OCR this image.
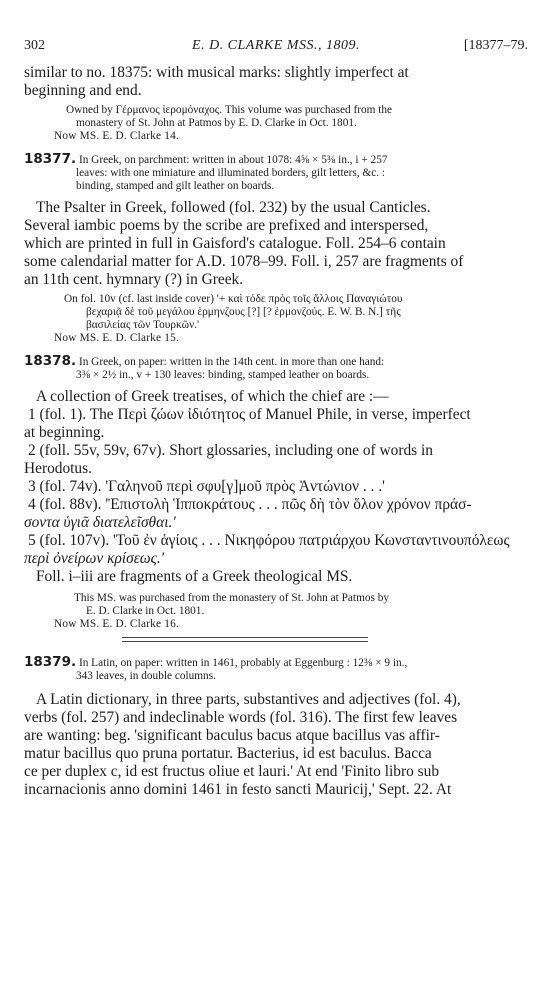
302	E. D. CLARKE MSS., 1809.	[18377–79.

similar to no. 18375: with musical marks: slightly imperfect at
beginning and end.

Owned by Γέρμανος ἱερομόναχος. This volume was purchased from the
monastery of St. John at Patmos by E. D. Clarke in Oct. 1801.
Now MS. E. D. Clarke 14.

18377. In Greek, on parchment: written in about 1078: 4⅝ × 5⅜ in., i + 257
leaves: with one miniature and illuminated borders, gilt letters, &c. :
binding, stamped and gilt leather on boards.

The Psalter in Greek, followed (fol. 232) by the usual Canticles.
Several iambic poems by the scribe are prefixed and interspersed,
which are printed in full in Gaisford's catalogue. Foll. 254–6 contain
some calendarial matter for A.D. 1078–99. Foll. i, 257 are fragments of
an 11th cent. hymnary (?) in Greek.

On fol. 10v (cf. last inside cover) '+ καὶ τόδε πρὸς τοῖς ἄλλοις Παναγιώτου
βεχαριᾷ δὲ τοῦ μεγάλου ἑρμηνζους [?] [? ἑρμονζούς. E. W. B. N.] τῆς
βασιλείας τῶν Τουρκῶν.'
Now MS. E. D. Clarke 15.

18378. In Greek, on paper: written in the 14th cent. in more than one hand:
3⅜ × 2½ in., v + 130 leaves: binding, stamped leather on boards.

A collection of Greek treatises, of which the chief are :—
1 (fol. 1). The Περὶ ζώων ἰδιότητος of Manuel Phile, in verse, imperfect
at beginning.
2 (foll. 55v, 59v, 67v). Short glossaries, including one of words in
Herodotus.
3 (fol. 74v). 'Γαληνοῦ περὶ σφυ[γ]μοῦ πρὸς Ἀντώνιον . . .'
4 (fol. 88v). 'Ἐπιστολὴ Ἱπποκράτους . . . πῶς δὴ τὸν ὅλον χρόνον πράσ-
σοντα ὑγιᾶ διατελεῖσθαι.'
5 (fol. 107v). 'Τοῦ ἐν ἁγίοις . . . Νικηφόρου πατριάρχου Κωνσταντινουπόλεως
περὶ ὀνείρων κρίσεως.'
Foll. i–iii are fragments of a Greek theological MS.

This MS. was purchased from the monastery of St. John at Patmos by
E. D. Clarke in Oct. 1801.
Now MS. E. D. Clarke 16.

18379. In Latin, on paper: written in 1461, probably at Eggenburg : 12⅜ × 9 in.,
343 leaves, in double columns.

A Latin dictionary, in three parts, substantives and adjectives (fol. 4),
verbs (fol. 257) and indeclinable words (fol. 316). The first few leaves
are wanting: beg. 'significant baculus bacus atque bacillus vas affir-
matur bacillus quo pruna portatur. Bacterius, id est baculus. Bacca
ce per duplex c, id est fructus oliue et lauri.' At end 'Finito libro sub
incarnacionis anno domini 1461 in festo sancti Mauricij,' Sept. 22. At
